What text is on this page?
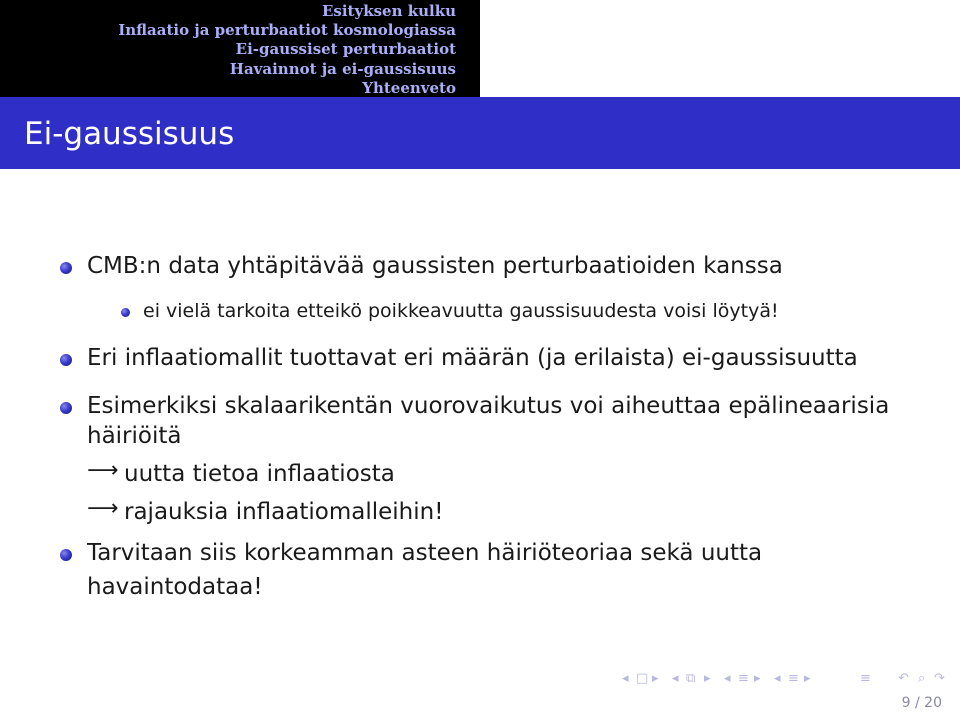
Esityksen kulku
Inflaatio ja perturbaatiot kosmologiassa
Ei-gaussiset perturbaatiot
Havainnot ja ei-gaussisuus
Yhteenveto
Ei-gaussisuus
CMB:n data yhtäpitävää gaussisten perturbaatioiden kanssa
ei vielä tarkoita etteikö poikkeavuutta gaussisuudesta voisi löytyä!
Eri inflaatiomallit tuottavat eri määrän (ja erilaista) ei-gaussisuutta
Esimerkiksi skalaarikentän vuorovaikutus voi aiheuttaa epälineaarisia
häiriöitä
⟶ uutta tietoa inflaatiosta
⟶ rajauksia inflaatiomalleihin!
Tarvitaan siis korkeamman asteen häiriöteoriaa sekä uutta
havaintodataa!
◂ □ ▸ ◂ ⧉ ▸ ◂ ≡ ▸ ◂ ≡ ▸	≡ ↶ ⌕ ↷
9 / 20
